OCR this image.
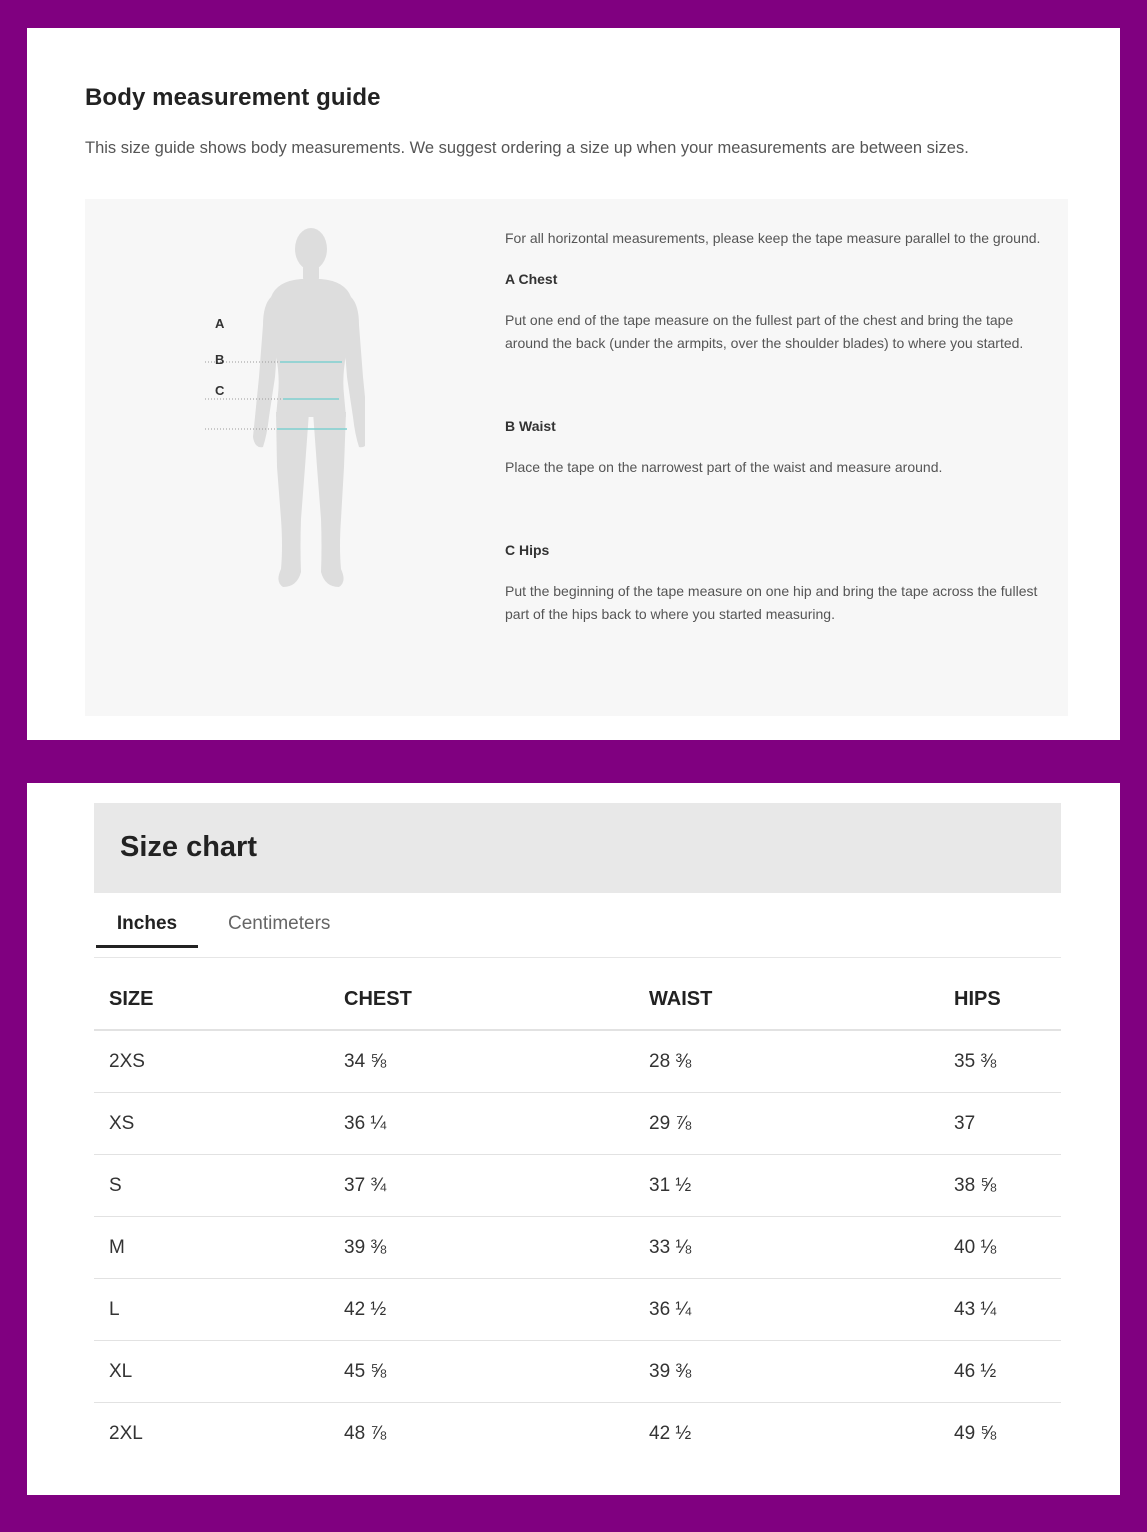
Body measurement guide

This size guide shows body measurements. We suggest ordering a size up when your measurements are between sizes.

A
B
C

For all horizontal measurements, please keep the tape measure parallel to the ground.

A Chest

Put one end of the tape measure on the fullest part of the chest and bring the tape around the back (under the armpits, over the shoulder blades) to where you started.

B Waist

Place the tape on the narrowest part of the waist and measure around.

C Hips

Put the beginning of the tape measure on one hip and bring the tape across the fullest part of the hips back to where you started measuring.

Size chart
Inches	Centimeters
SIZE	CHEST	WAIST	HIPS
2XS	34 ⅝	28 ⅜	35 ⅜
XS	36 ¼	29 ⅞	37
S	37 ¾	31 ½	38 ⅝
M	39 ⅜	33 ⅛	40 ⅛
L	42 ½	36 ¼	43 ¼
XL	45 ⅝	39 ⅜	46 ½
2XL	48 ⅞	42 ½	49 ⅝
